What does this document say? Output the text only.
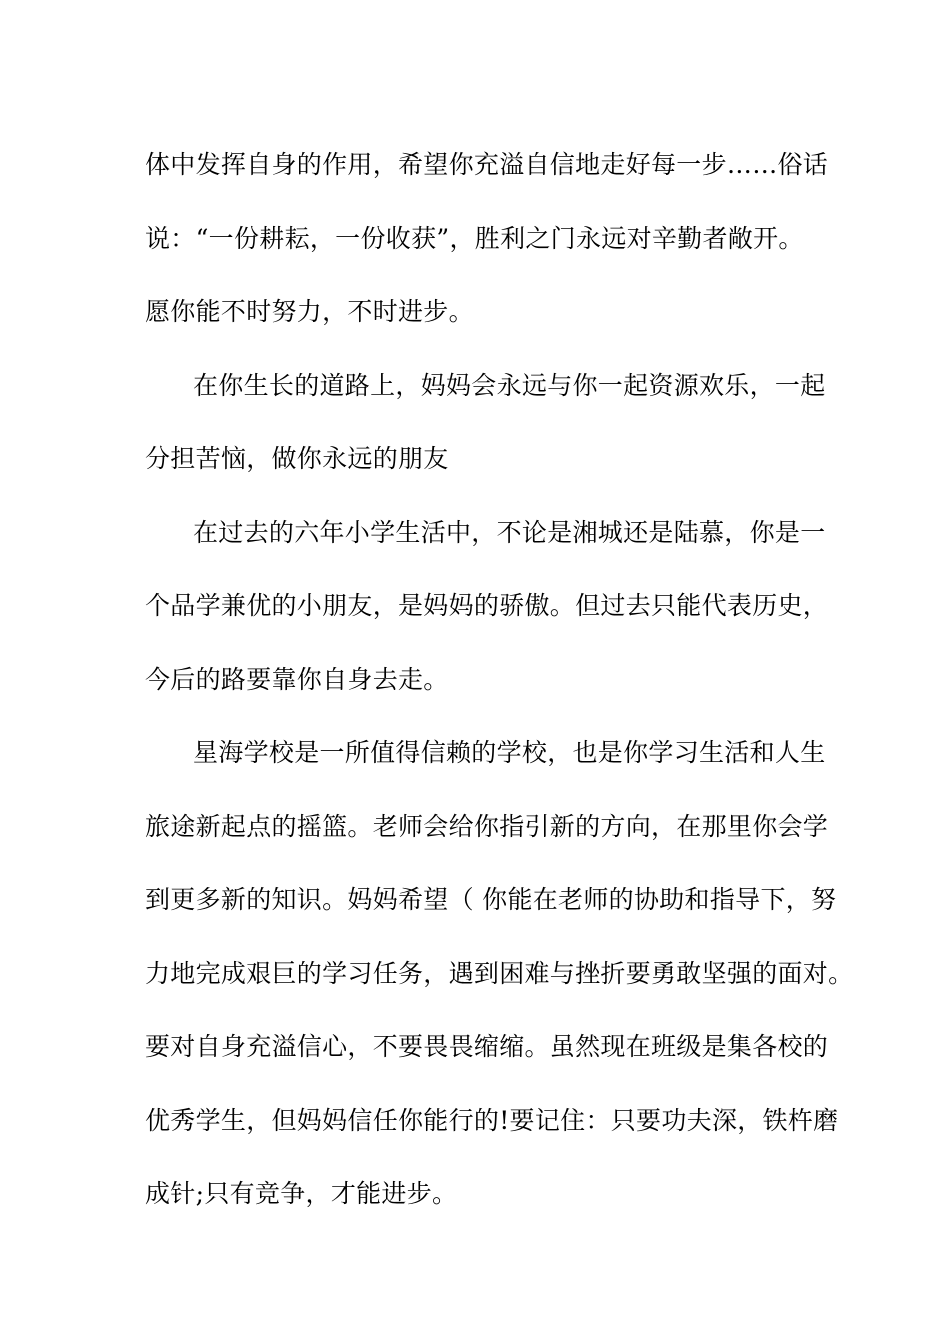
体中发挥自身的作用，希望你充溢自信地走好每一步……俗话
说：“一份耕耘，一份收获”，胜利之门永远对辛勤者敞开。
愿你能不时努力，不时进步。
在你生长的道路上，妈妈会永远与你一起资源欢乐，一起
分担苦恼，做你永远的朋友
在过去的六年小学生活中，不论是湘城还是陆慕，你是一
个品学兼优的小朋友，是妈妈的骄傲。但过去只能代表历史，
今后的路要靠你自身去走。
星海学校是一所值得信赖的学校，也是你学习生活和人生
旅途新起点的摇篮。老师会给你指引新的方向，在那里你会学
到更多新的知识。妈妈希望（ 你能在老师的协助和指导下，努
力地完成艰巨的学习任务，遇到困难与挫折要勇敢坚强的面对。
要对自身充溢信心，不要畏畏缩缩。虽然现在班级是集各校的
优秀学生，但妈妈信任你能行的!要记住：只要功夫深，铁杵磨
成针;只有竞争，才能进步。
